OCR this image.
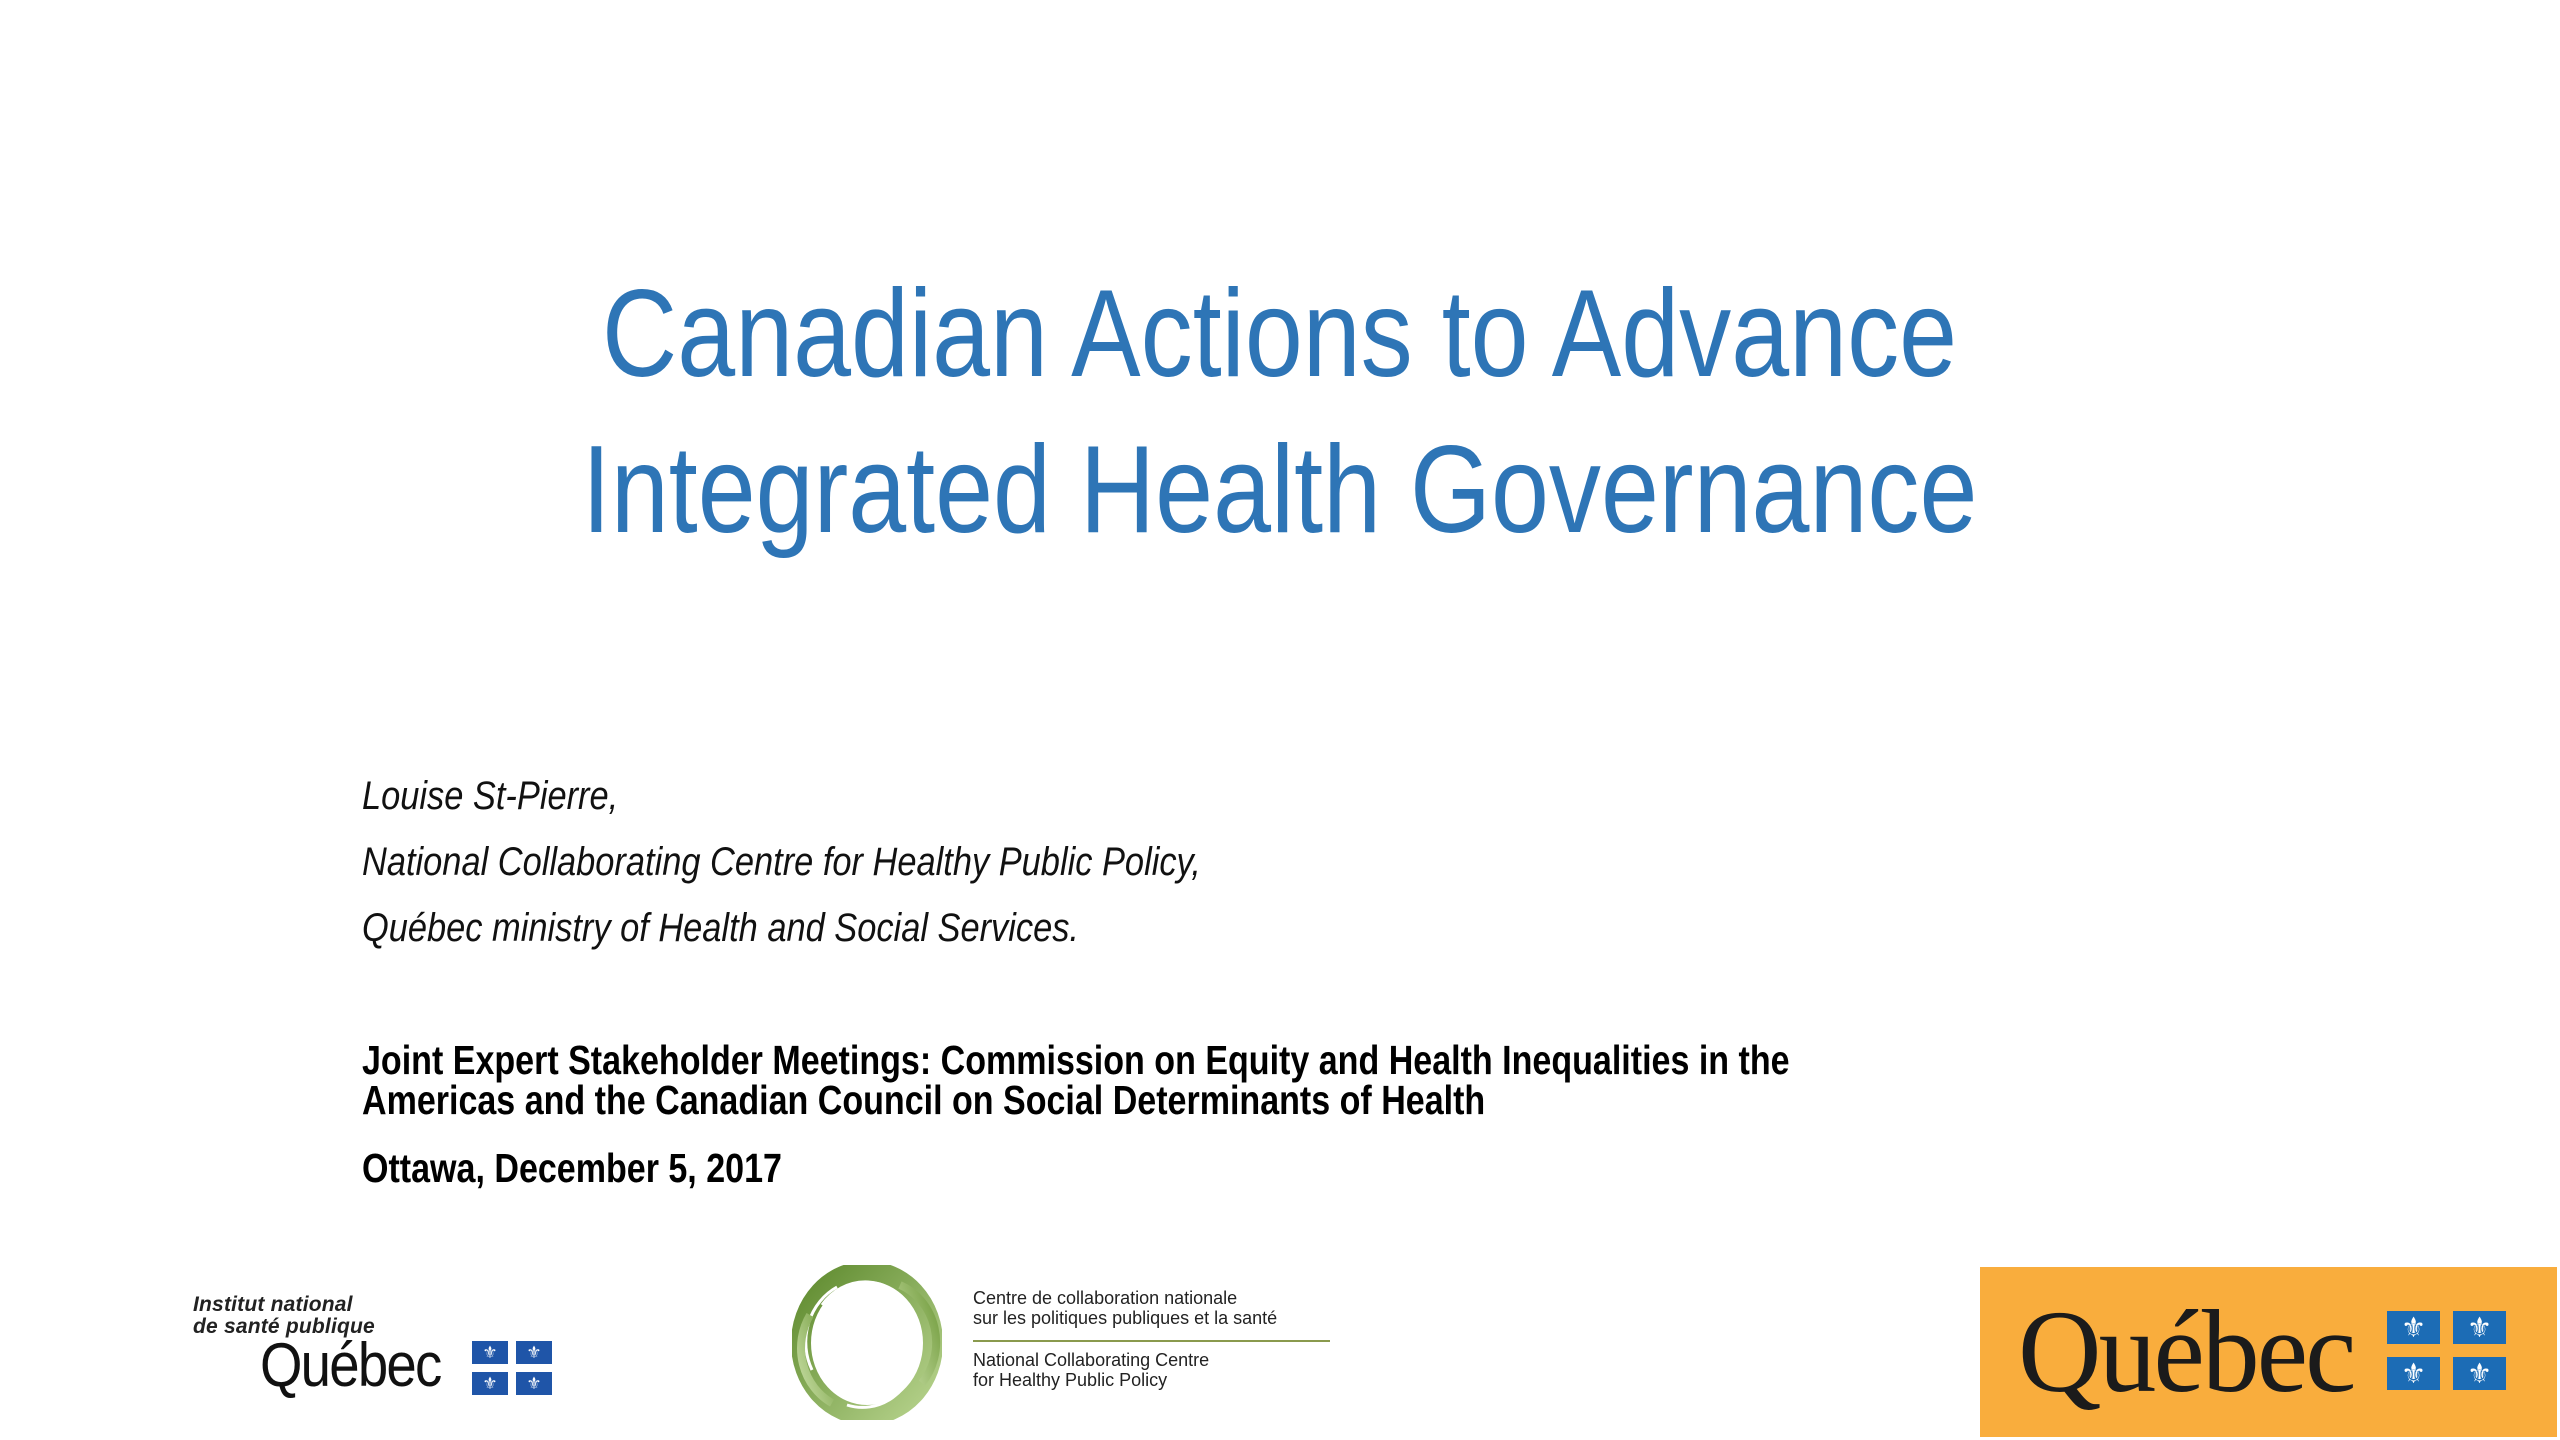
Canadian Actions to Advance
Integrated Health Governance
Louise St-Pierre,
National Collaborating Centre for Healthy Public Policy,
Québec ministry of Health and Social Services.
Joint Expert Stakeholder Meetings: Commission on Equity and Health Inequalities in the
Americas and the Canadian Council on Social Determinants of Health
Ottawa, December 5, 2017
Institut national
de santé publique
Québec	⚜	⚜
⚜	⚜
Centre de collaboration nationale
sur les politiques publiques et la santé
National Collaborating Centre
for Healthy Public Policy	Québec	⚜	⚜
⚜	⚜
